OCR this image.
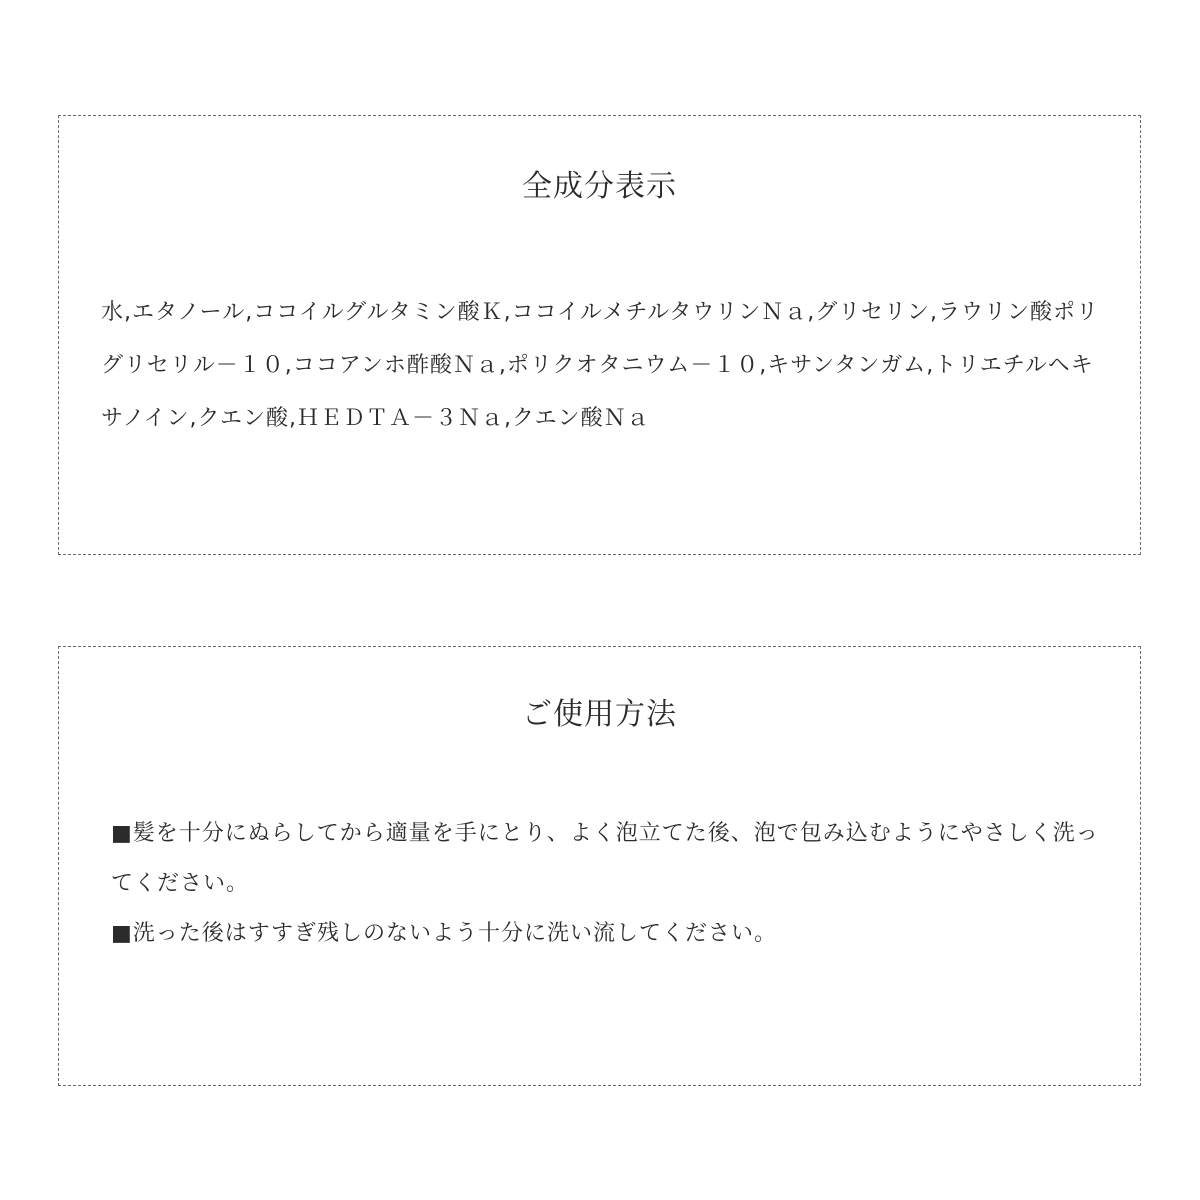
全成分表示

水,エタノール,ココイルグルタミン酸Ｋ,ココイルメチルタウリンＮａ,グリセリン,ラウリン酸ポリグリセリル－１０,ココアンホ酢酸Ｎａ,ポリクオタニウム－１０,キサンタンガム,トリエチルヘキサノイン,クエン酸,ＨＥＤＴＡ－３Ｎａ,クエン酸Ｎａ

ご使用方法
■髪を十分にぬらしてから適量を手にとり、よく泡立てた後、泡で包み込むようにやさしく洗ってください。
■洗った後はすすぎ残しのないよう十分に洗い流してください。
